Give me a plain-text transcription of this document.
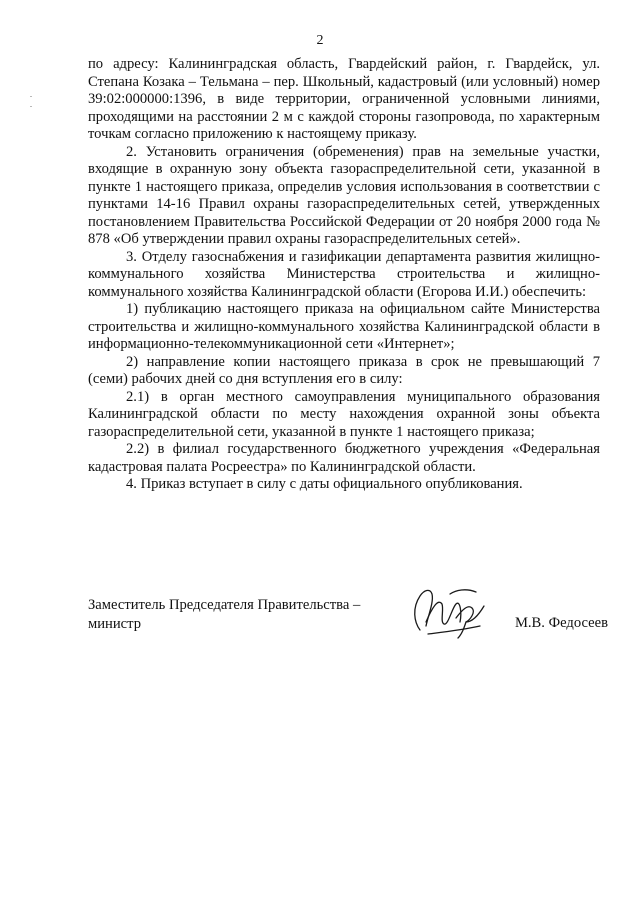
2

по адресу: Калининградская область, Гвардейский район, г. Гвардейск, ул. Степана Козака – Тельмана – пер. Школьный, кадастровый (или условный) номер 39:02:000000:1396, в виде территории, ограниченной условными линиями, проходящими на расстоянии 2 м с каждой стороны газопровода, по характерным точкам согласно приложению к настоящему приказу.

2. Установить ограничения (обременения) прав на земельные участки, входящие в охранную зону объекта газораспределительной сети, указанной в пункте 1 настоящего приказа, определив условия использования в соответствии с пунктами 14-16 Правил охраны газораспределительных сетей, утвержденных постановлением Правительства Российской Федерации от 20 ноября 2000 года № 878 «Об утверждении правил охраны газораспределительных сетей».

3. Отделу газоснабжения и газификации департамента развития жилищно-коммунального хозяйства Министерства строительства и жилищно-коммунального хозяйства Калининградской области (Егорова И.И.) обеспечить:

1) публикацию настоящего приказа на официальном сайте Министерства строительства и жилищно-коммунального хозяйства Калининградской области в информационно-телекоммуникационной сети «Интернет»;

2) направление копии настоящего приказа в срок не превышающий 7 (семи) рабочих дней со дня вступления его в силу:

2.1) в орган местного самоуправления муниципального образования Калининградской области по месту нахождения охранной зоны объекта газораспределительной сети, указанной в пункте 1 настоящего приказа;

2.2) в филиал государственного бюджетного учреждения «Федеральная кадастровая палата Росреестра» по Калининградской области.

4. Приказ вступает в силу с даты официального опубликования.

Заместитель Председателя Правительства –
министр	М.В. Федосеев
